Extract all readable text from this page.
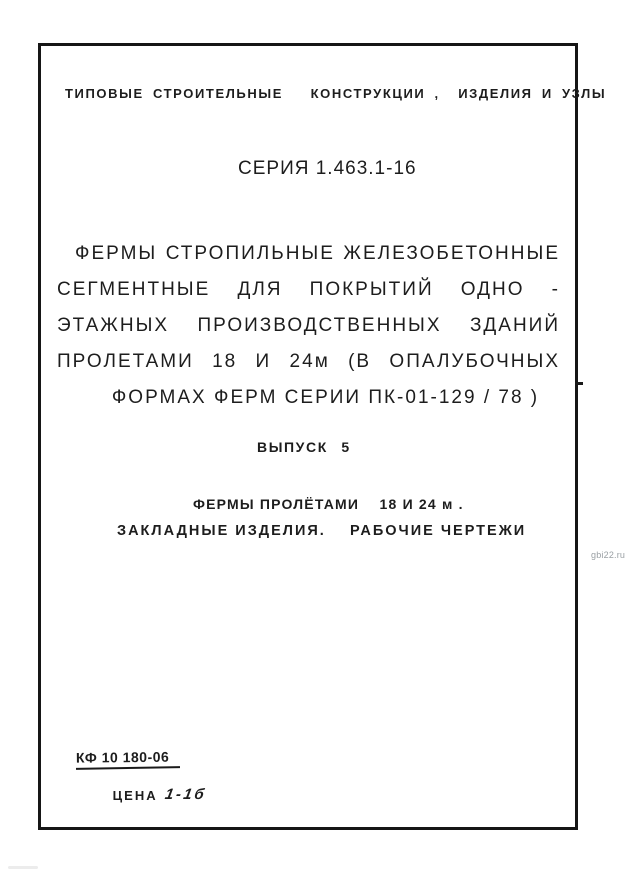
ТИПОВЫЕ СТРОИТЕЛЬНЫЕ   КОНСТРУКЦИИ ,  ИЗДЕЛИЯ И УЗЛЫ
СЕРИЯ 1.463.1-16
ФЕРМЫ СТРОПИЛЬНЫЕ ЖЕЛЕЗОБЕТОННЫЕ
СЕГМЕНТНЫЕ ДЛЯ ПОКРЫТИЙ ОДНО -
ЭТАЖНЫХ ПРОИЗВОДСТВЕННЫХ ЗДАНИЙ
ПРОЛЕТАМИ 18 И 24м (В ОПАЛУБОЧНЫХ
ФОРМАХ ФЕРМ СЕРИИ ПК-01-129 / 78 )
ВЫПУСК 5
ФЕРМЫ ПРОЛЁТАМИ    18 И 24 м .
ЗАКЛАДНЫЕ ИЗДЕЛИЯ.    РАБОЧИЕ ЧЕРТЕЖИ
КФ 10 180-06

ЦЕНА 1-1б

gbi22.ru
